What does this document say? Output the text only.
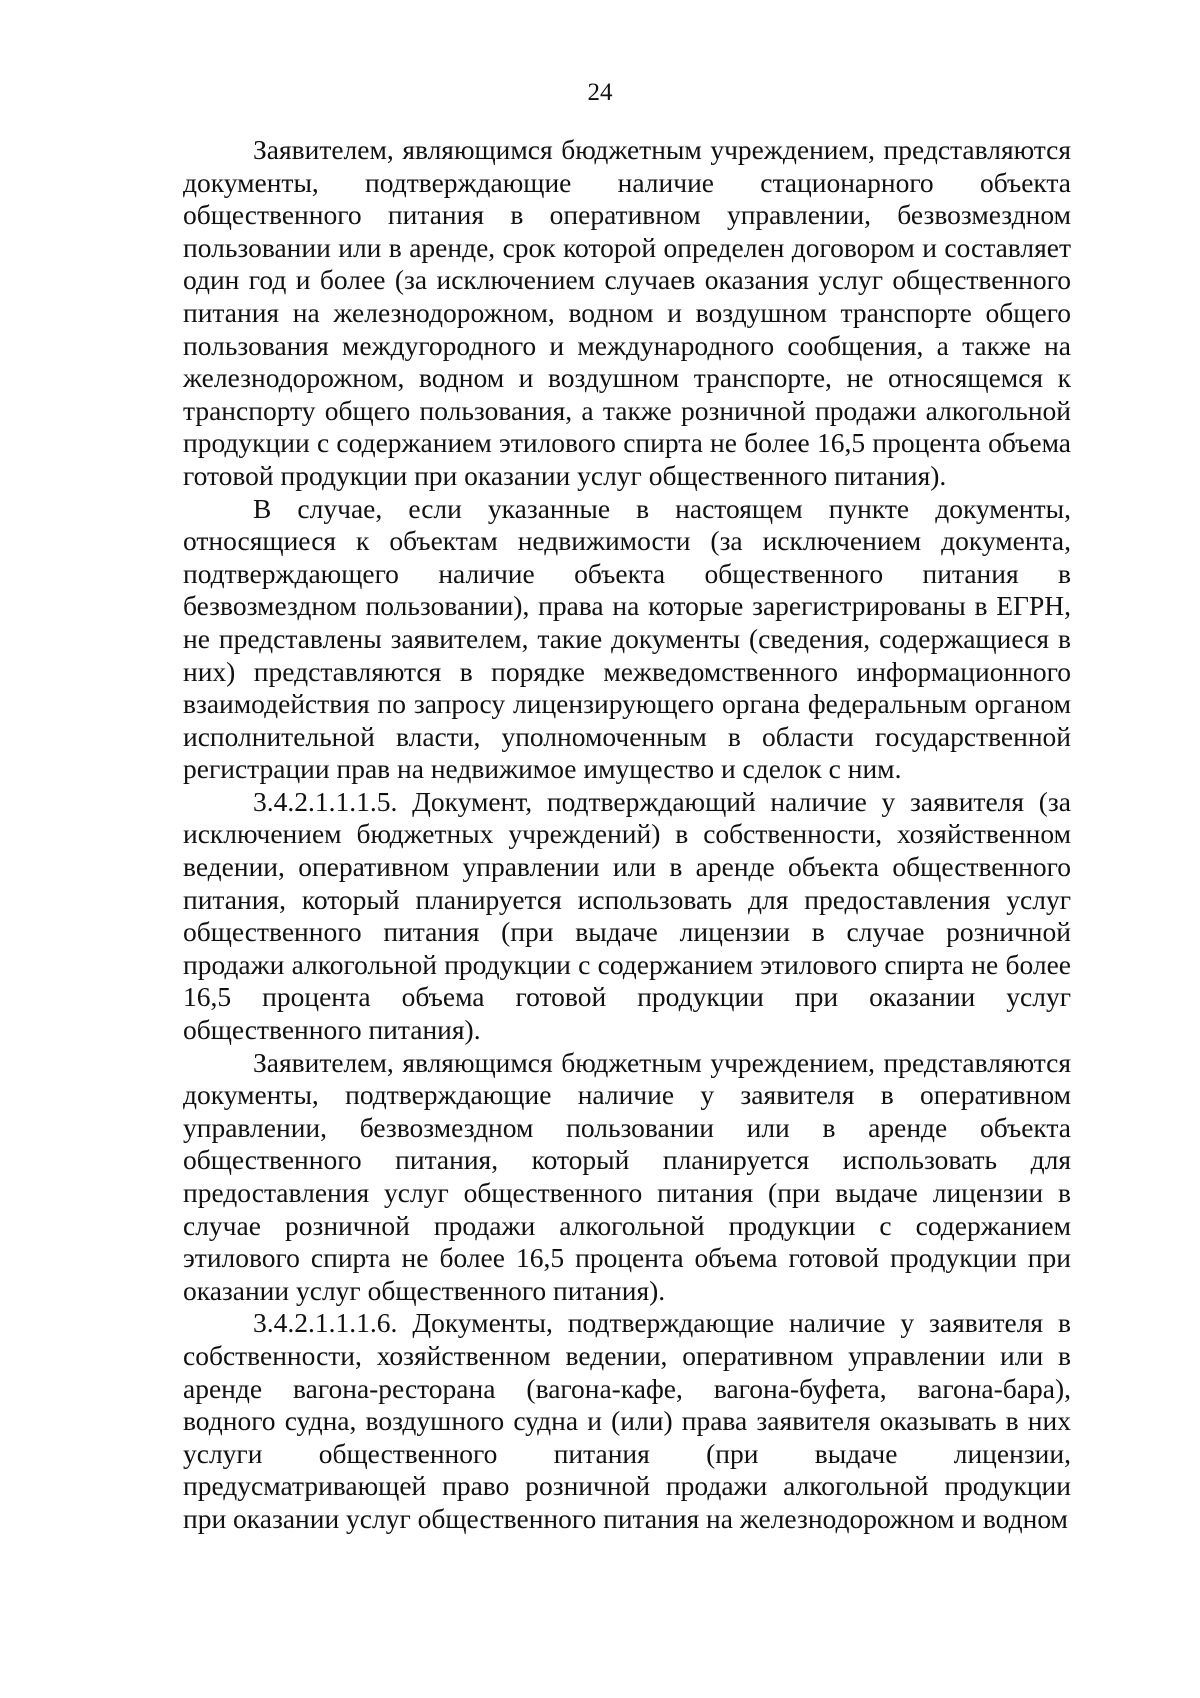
24

Заявителем, являющимся бюджетным учреждением, представляются документы, подтверждающие наличие стационарного объекта общественного питания в оперативном управлении, безвозмездном пользовании или в аренде, срок которой определен договором и составляет один год и более (за исключением случаев оказания услуг общественного питания на железнодорожном, водном и воздушном транспорте общего пользования междугородного и международного сообщения, а также на железнодорожном, водном и воздушном транспорте, не относящемся к транспорту общего пользования, а также розничной продажи алкогольной продукции с содержанием этилового спирта не более 16,5 процента объема готовой продукции при оказании услуг общественного питания).

В случае, если указанные в настоящем пункте документы, относящиеся к объектам недвижимости (за исключением документа, подтверждающего наличие объекта общественного питания в безвозмездном пользовании), права на которые зарегистрированы в ЕГРН, не представлены заявителем, такие документы (сведения, содержащиеся в них) представляются в порядке межведомственного информационного взаимодействия по запросу лицензирующего органа федеральным органом исполнительной власти, уполномоченным в области государственной регистрации прав на недвижимое имущество и сделок с ним.

3.4.2.1.1.1.5. Документ, подтверждающий наличие у заявителя (за исключением бюджетных учреждений) в собственности, хозяйственном ведении, оперативном управлении или в аренде объекта общественного питания, который планируется использовать для предоставления услуг общественного питания (при выдаче лицензии в случае розничной продажи алкогольной продукции с содержанием этилового спирта не более 16,5 процента объема готовой продукции при оказании услуг общественного питания).

Заявителем, являющимся бюджетным учреждением, представляются документы, подтверждающие наличие у заявителя в оперативном управлении, безвозмездном пользовании или в аренде объекта общественного питания, который планируется использовать для предоставления услуг общественного питания (при выдаче лицензии в случае розничной продажи алкогольной продукции с содержанием этилового спирта не более 16,5 процента объема готовой продукции при оказании услуг общественного питания).

3.4.2.1.1.1.6. Документы, подтверждающие наличие у заявителя в собственности, хозяйственном ведении, оперативном управлении или в аренде вагона-ресторана (вагона-кафе, вагона-буфета, вагона-бара), водного судна, воздушного судна и (или) права заявителя оказывать в них услуги общественного питания (при выдаче лицензии, предусматривающей право розничной продажи алкогольной продукции при оказании услуг общественного питания на железнодорожном и водном
